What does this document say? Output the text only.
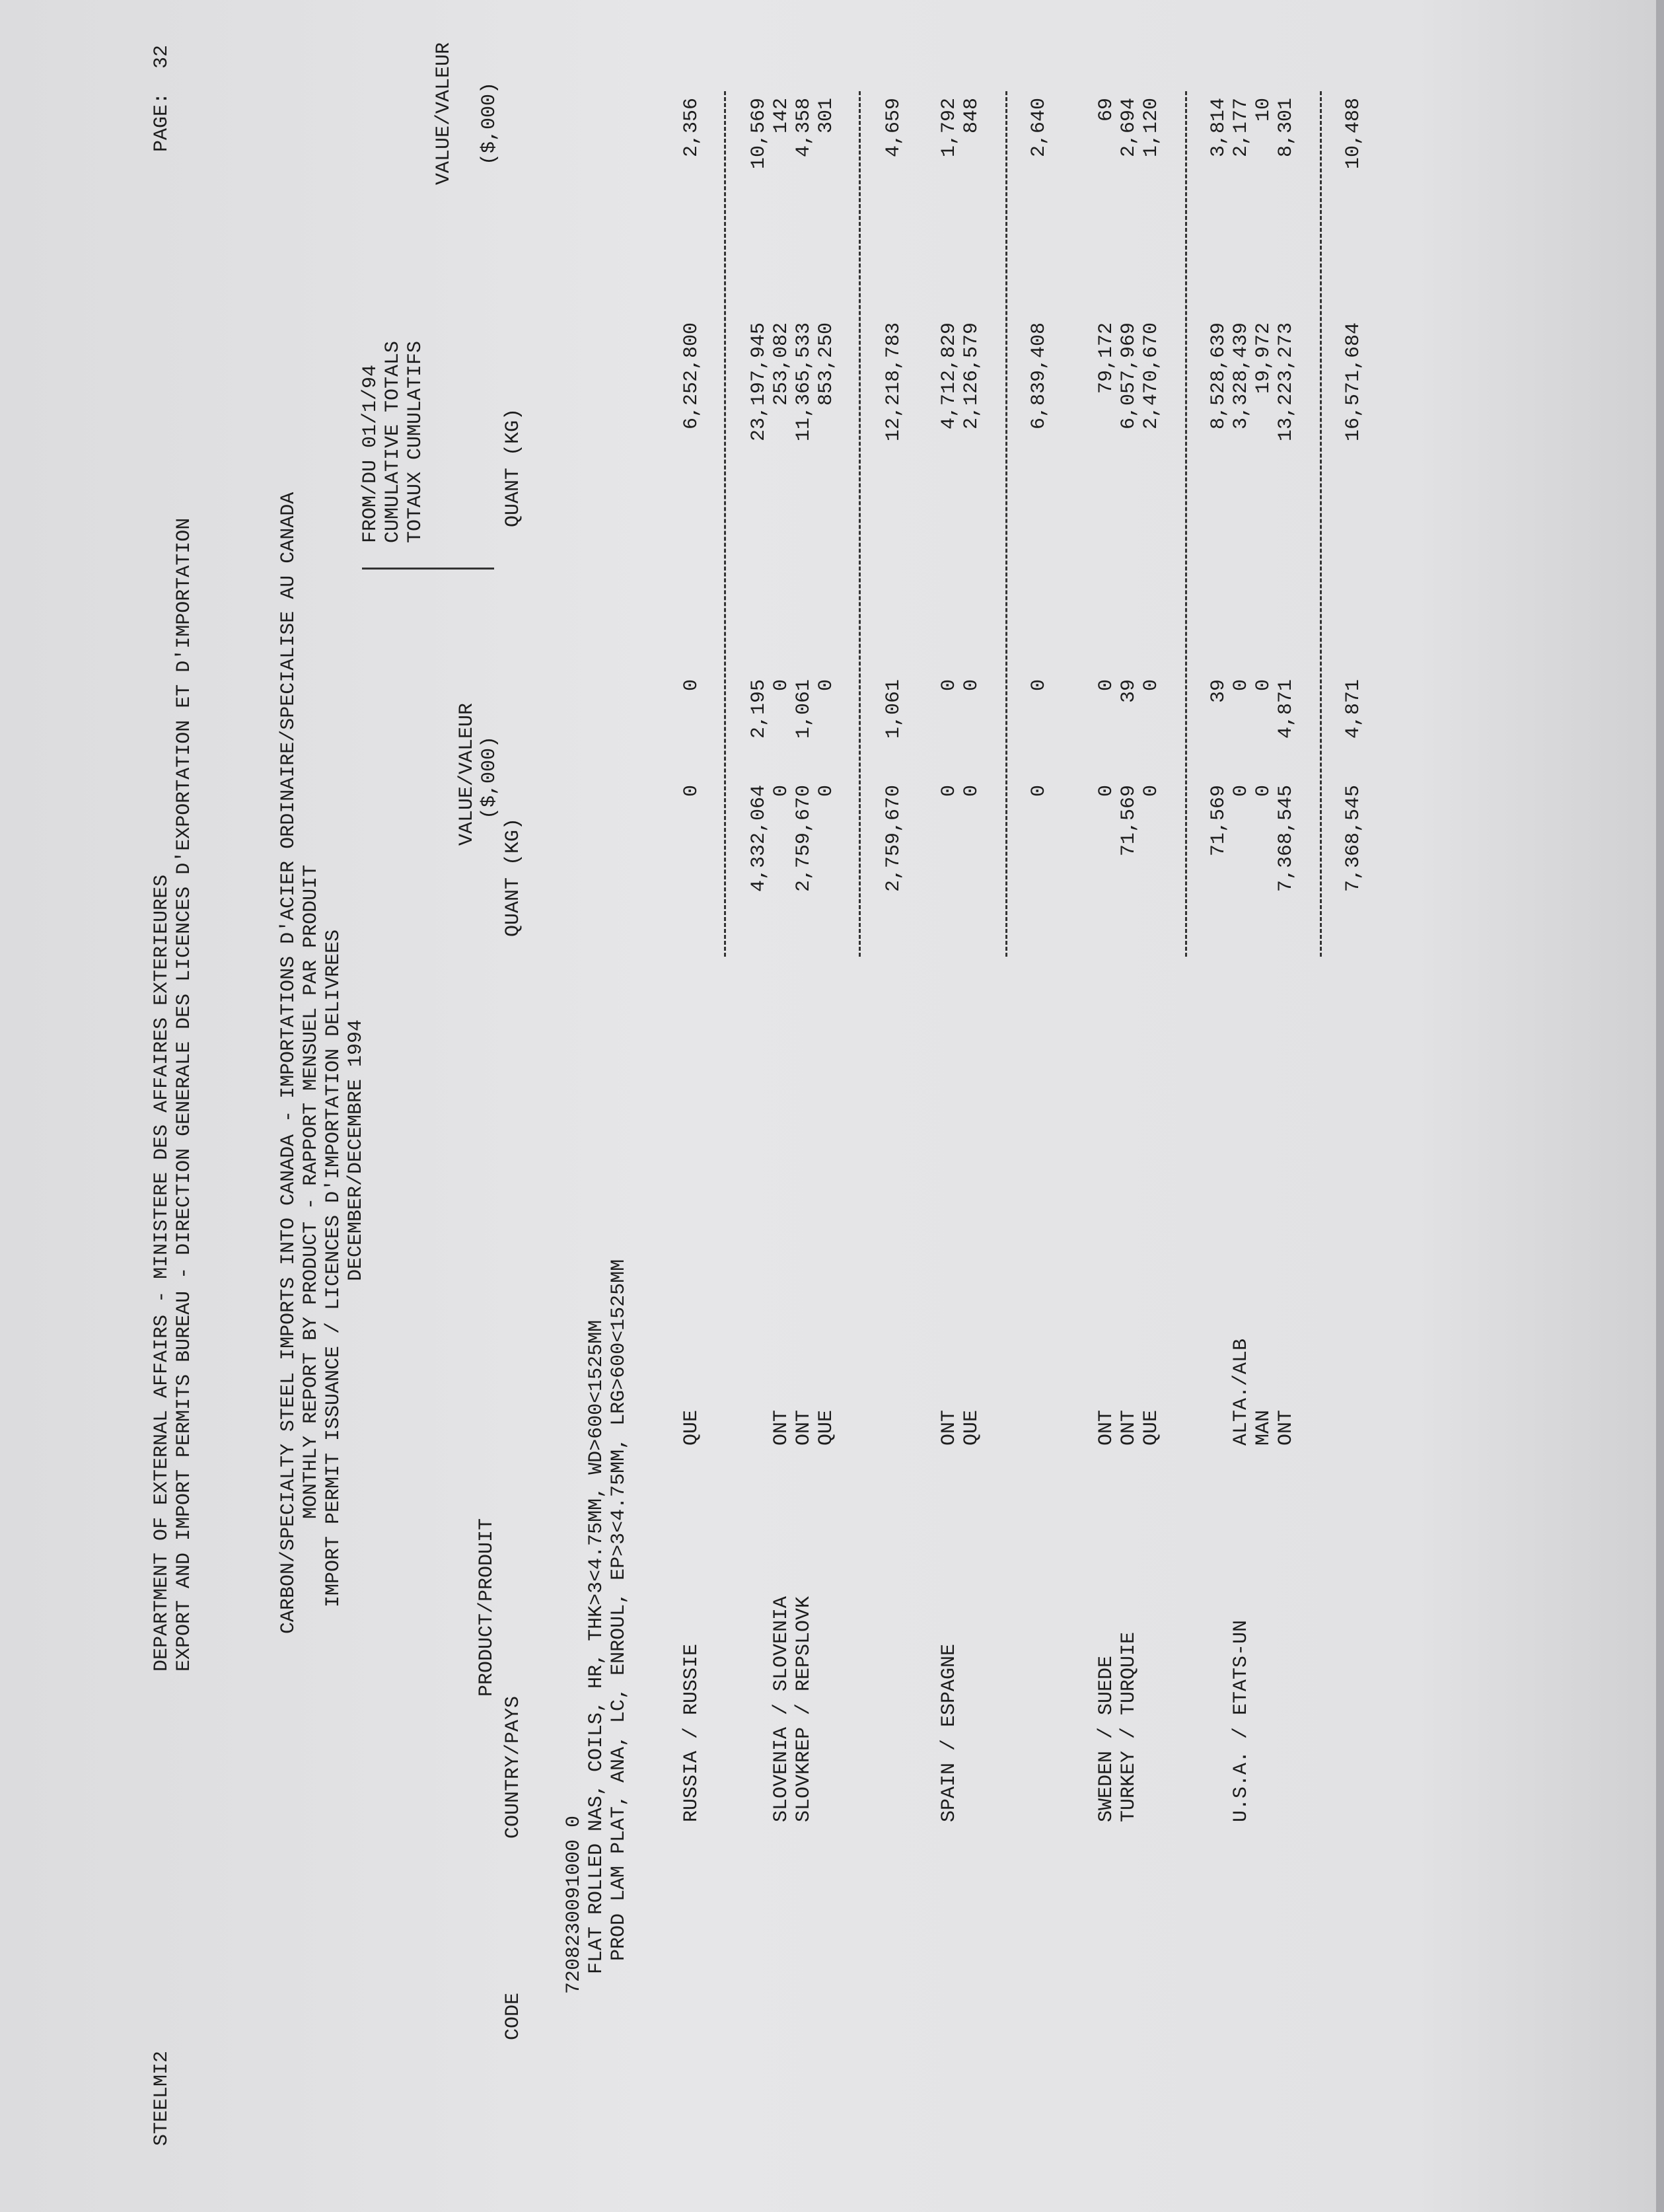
STEELMI2
DEPARTMENT OF EXTERNAL AFFAIRS - MINISTERE DES AFFAIRES EXTERIEURES EXPORT AND IMPORT PERMITS BUREAU - DIRECTION GENERALE DES LICENCES D'EXPORTATION ET D'IMPORTATION
PAGE:  32
CARBON/SPECIALTY STEEL IMPORTS INTO CANADA - IMPORTATIONS D'ACIER ORDINAIRE/SPECIALISE AU CANADA MONTHLY REPORT BY PRODUCT - RAPPORT MENSUEL PAR PRODUIT IMPORT PERMIT ISSUANCE / LICENCES D'IMPORTATION DELIVREES DECEMBER/DECEMBRE 1994
FROM/DU 01/1/94 CUMULATIVE TOTALS TOTAUX CUMULATIFS
VALUE/VALEUR
VALUE/VALEUR
PRODUCT/PRODUIT
CODE
COUNTRY/PAYS
QUANT (KG)
QUANT (KG)
($,000)
($,000)
7208230091000 0 FLAT ROLLED NAS, COILS, HR, THK>3<4.75MM, WD>600<1525MM PROD LAM PLAT, ANA, LC, ENROUL, EP>3<4.75MM, LRG>600<1525MM	RUSSIA / RUSSIE
QUE
0
0
6,252,800
2,356
4,332,064
2,195
23,197,945
10,569
SLOVENIA / SLOVENIA
ONT
0
0
253,082
142
SLOVKREP / REPSLOVK
ONT
2,759,670
1,061
11,365,533
4,358
QUE
0
0
853,250
301
2,759,670
1,061
12,218,783
4,659
SPAIN / ESPAGNE
ONT
0
0
4,712,829
1,792
QUE
0
0
2,126,579
848
0
0
6,839,408
2,640
SWEDEN / SUEDE
ONT
0
0
79,172
69
TURKEY / TURQUIE
ONT
71,569
39
6,057,969
2,694
QUE
0
0
2,470,670
1,120
71,569
39
8,528,639
3,814
U.S.A. / ETATS-UN
ALTA./ALB
0
0
3,328,439
2,177
MAN
0
0
19,972
10
ONT
7,368,545
4,871
13,223,273
8,301
7,368,545
4,871
16,571,684
10,488
